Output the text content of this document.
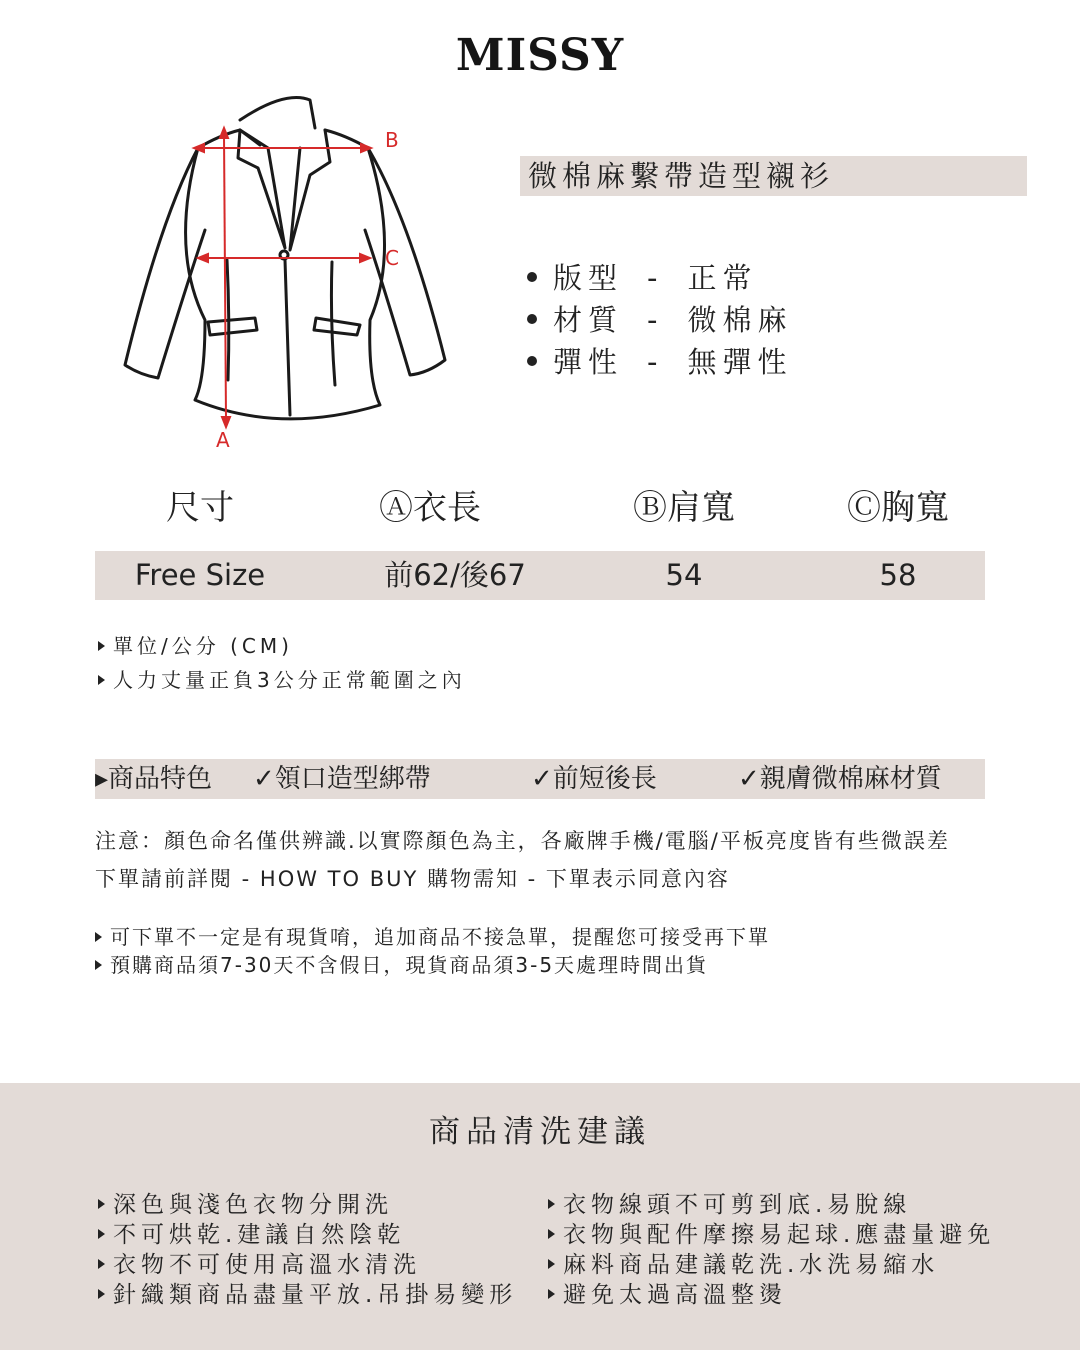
MISSY
B
C
A
微棉麻繫帶造型襯衫
版型 - 正常
材質 - 微棉麻
彈性 - 無彈性
尺寸	Ⓐ衣長	Ⓑ肩寬	Ⓒ胸寬
Free Size	前62/後67	54	58
單位/公分 (CM)
人力丈量正負3公分正常範圍之內
▸商品特色 ✓領口造型綁帶	✓前短後長	✓親膚微棉麻材質
注意：顏色命名僅供辨識.以實際顏色為主，各廠牌手機/電腦/平板亮度皆有些微誤差
下單請前詳閱 - HOW TO BUY 購物需知 - 下單表示同意內容
可下單不一定是有現貨唷，追加商品不接急單，提醒您可接受再下單
預購商品須7-30天不含假日，現貨商品須3-5天處理時間出貨
商品清洗建議
深色與淺色衣物分開洗
不可烘乾.建議自然陰乾
衣物不可使用高溫水清洗
針織類商品盡量平放.吊掛易變形
衣物線頭不可剪到底.易脫線
衣物與配件摩擦易起球.應盡量避免
麻料商品建議乾洗.水洗易縮水
避免太過高溫整燙
